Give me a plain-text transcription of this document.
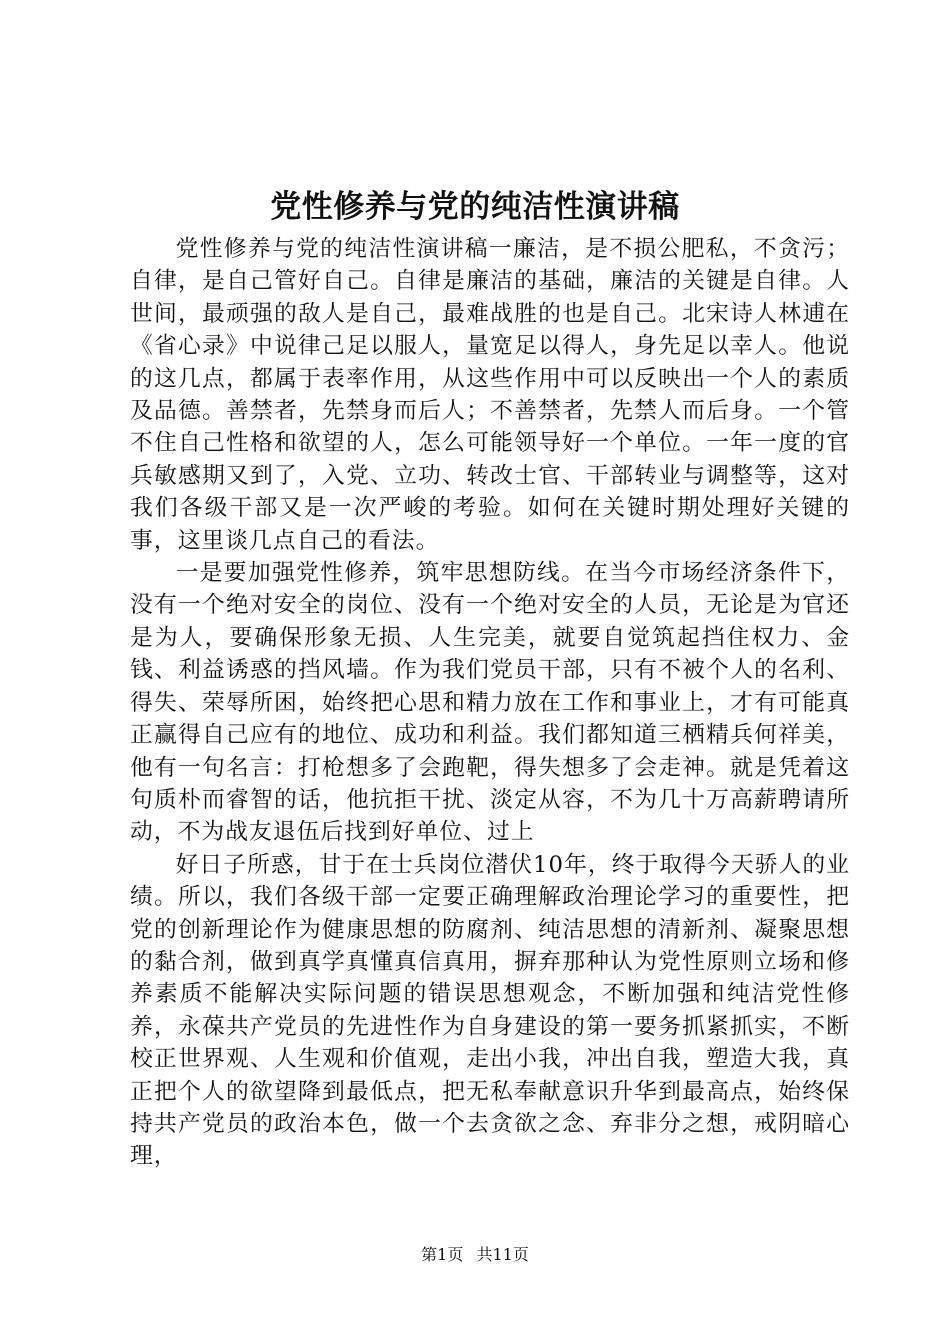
党性修养与党的纯洁性演讲稿

党性修养与党的纯洁性演讲稿一廉洁，是不损公肥私，不贪污；自律，是自己管好自己。自律是廉洁的基础，廉洁的关键是自律。人世间，最顽强的敌人是自己，最难战胜的也是自己。北宋诗人林逋在《省心录》中说律己足以服人，量宽足以得人，身先足以幸人。他说的这几点，都属于表率作用，从这些作用中可以反映出一个人的素质及品德。善禁者，先禁身而后人；不善禁者，先禁人而后身。一个管不住自己性格和欲望的人，怎么可能领导好一个单位。一年一度的官兵敏感期又到了，入党、立功、转改士官、干部转业与调整等，这对我们各级干部又是一次严峻的考验。如何在关键时期处理好关键的事，这里谈几点自己的看法。

一是要加强党性修养，筑牢思想防线。在当今市场经济条件下，没有一个绝对安全的岗位、没有一个绝对安全的人员，无论是为官还是为人，要确保形象无损、人生完美，就要自觉筑起挡住权力、金钱、利益诱惑的挡风墙。作为我们党员干部，只有不被个人的名利、得失、荣辱所困，始终把心思和精力放在工作和事业上，才有可能真正赢得自己应有的地位、成功和利益。我们都知道三栖精兵何祥美，他有一句名言：打枪想多了会跑靶，得失想多了会走神。就是凭着这句质朴而睿智的话，他抗拒干扰、淡定从容，不为几十万高薪聘请所动，不为战友退伍后找到好单位、过上

好日子所惑，甘于在士兵岗位潜伏10年，终于取得今天骄人的业绩。所以，我们各级干部一定要正确理解政治理论学习的重要性，把党的创新理论作为健康思想的防腐剂、纯洁思想的清新剂、凝聚思想的黏合剂，做到真学真懂真信真用，摒弃那种认为党性原则立场和修养素质不能解决实际问题的错误思想观念，不断加强和纯洁党性修养，永葆共产党员的先进性作为自身建设的第一要务抓紧抓实，不断校正世界观、人生观和价值观，走出小我，冲出自我，塑造大我，真正把个人的欲望降到最低点，把无私奉献意识升华到最高点，始终保持共产党员的政治本色，做一个去贪欲之念、弃非分之想，戒阴暗心理，

第1页 共11页
